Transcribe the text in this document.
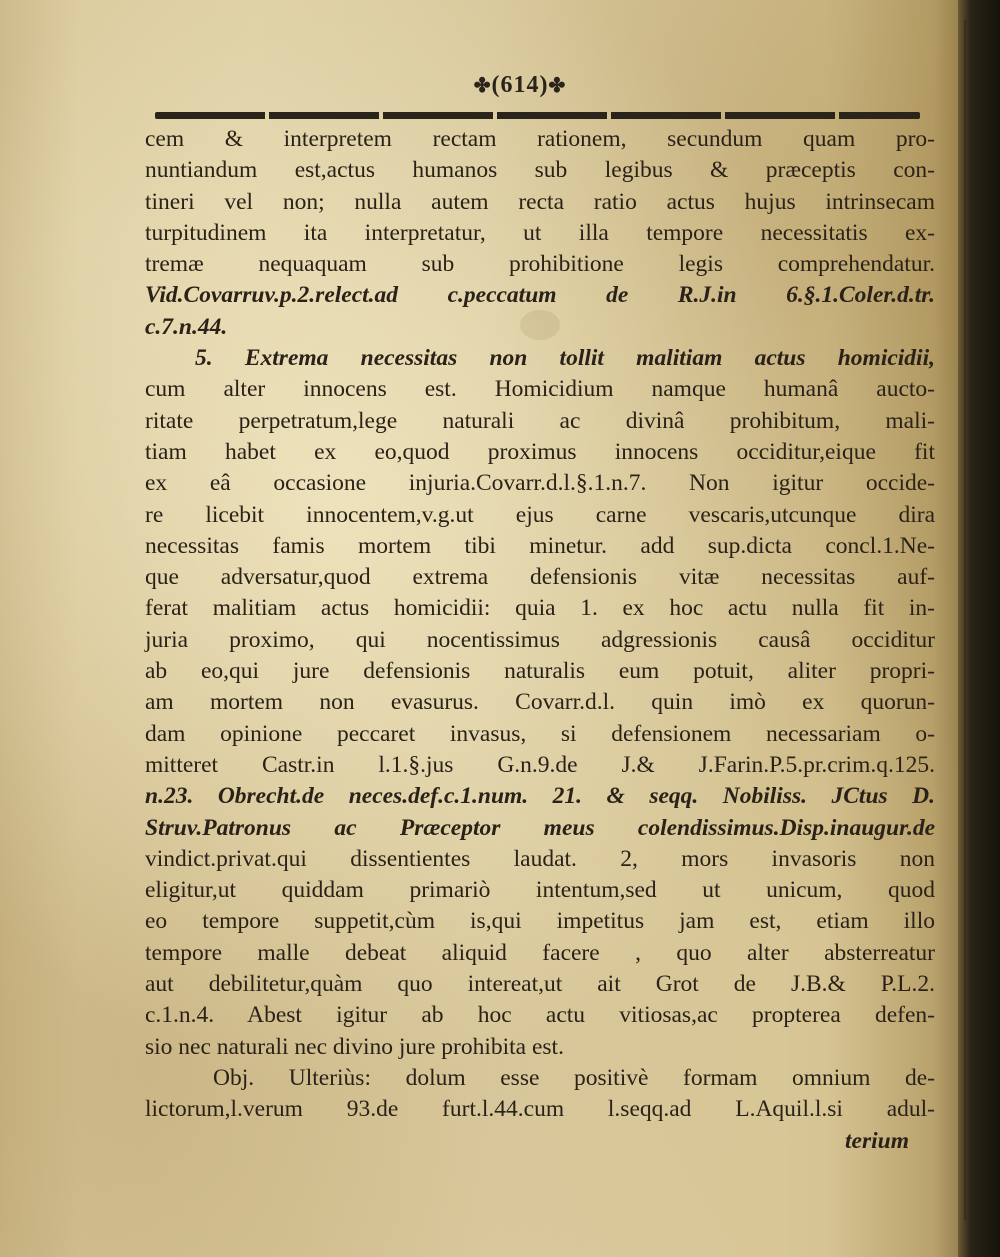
✤(614)✤
cem & interpretem rectam rationem, secundum quam pro-
nuntiandum est,actus humanos sub legibus & præceptis con-
tineri vel non; nulla autem recta ratio actus hujus intrinsecam
turpitudinem ita interpretatur, ut illa tempore necessitatis ex-
tremæ nequaquam sub prohibitione legis comprehendatur.
Vid.Covarruv.p.2.relect.ad c.peccatum de R.J.in 6.§.1.Coler.d.tr.
c.7.n.44.
5. Extrema necessitas non tollit malitiam actus homicidii,
cum alter innocens est. Homicidium namque humanâ aucto-
ritate perpetratum,lege naturali ac divinâ prohibitum, mali-
tiam habet ex eo,quod proximus innocens occiditur,eique fit
ex eâ occasione injuria.Covarr.d.l.§.1.n.7. Non igitur occide-
re licebit innocentem,v.g.ut ejus carne vescaris,utcunque dira
necessitas famis mortem tibi minetur. add sup.dicta concl.1.Ne-
que adversatur,quod extrema defensionis vitæ necessitas auf-
ferat malitiam actus homicidii: quia 1. ex hoc actu nulla fit in-
juria proximo, qui nocentissimus adgressionis causâ occiditur
ab eo,qui jure defensionis naturalis eum potuit, aliter propri-
am mortem non evasurus. Covarr.d.l. quin imò ex quorun-
dam opinione peccaret invasus, si defensionem necessariam o-
mitteret Castr.in l.1.§.jus G.n.9.de J.& J.Farin.P.5.pr.crim.q.125.
n.23. Obrecht.de neces.def.c.1.num. 21. & seqq. Nobiliss. JCtus D.
Struv.Patronus ac Præceptor meus colendissimus.Disp.inaugur.de
vindict.privat.qui dissentientes laudat. 2, mors invasoris non
eligitur,ut quiddam primariò intentum,sed ut unicum, quod
eo tempore suppetit,cùm is,qui impetitus jam est, etiam illo
tempore malle debeat aliquid facere , quo alter absterreatur
aut debilitetur,quàm quo intereat,ut ait Grot de J.B.& P.L.2.
c.1.n.4. Abest igitur ab hoc actu vitiosas,ac propterea defen-
sio nec naturali nec divino jure prohibita est.
Obj. Ulteriùs: dolum esse positivè formam omnium de-
lictorum,l.verum 93.de furt.l.44.cum l.seqq.ad L.Aquil.l.si adul-
terium
